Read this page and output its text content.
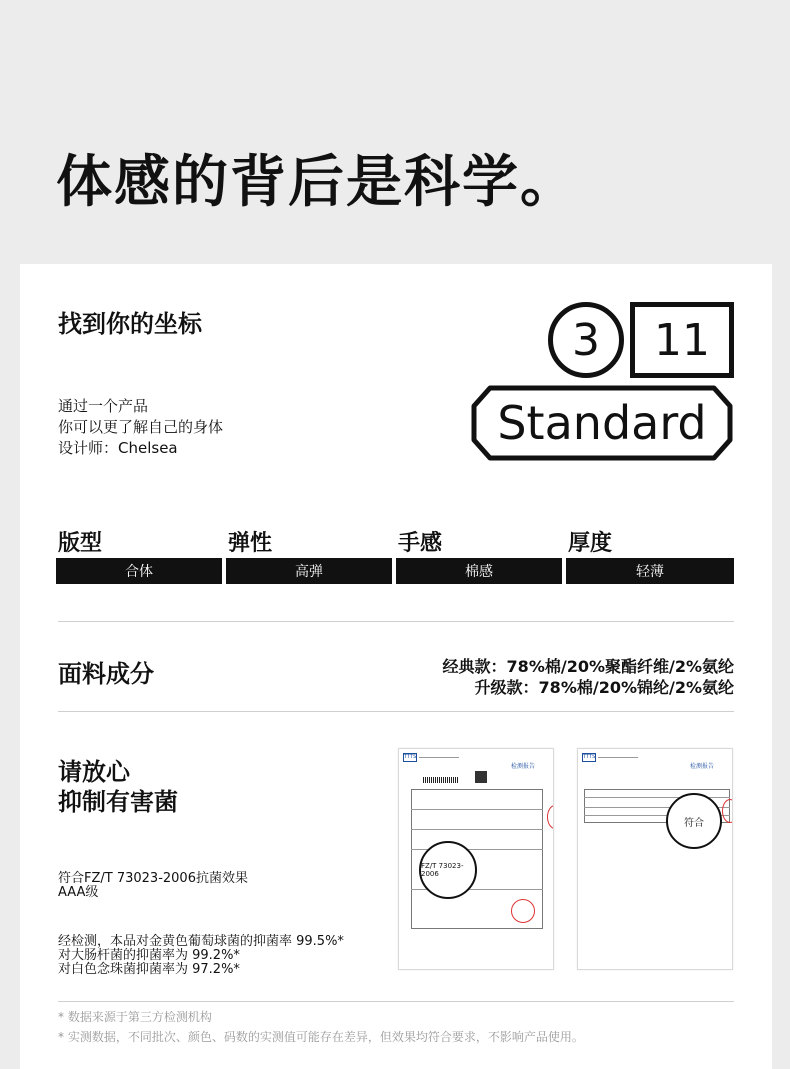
体感的背后是科学。
找到你的坐标
通过一个产品
你可以更了解自己的身体
设计师：Chelsea
3	11
Standard
版型	弹性	手感	厚度
合体	高弹	棉感	轻薄
面料成分	经典款：78%棉/20%聚酯纤维/2%氨纶
升级款：78%棉/20%锦纶/2%氨纶
请放心
抑制有害菌
符合FZ/T 73023-2006抗菌效果
AAA级
经检测，本品对金黄色葡萄球菌的抑菌率 99.5%*
对大肠杆菌的抑菌率为 99.2%*
对白色念珠菌抑菌率为 97.2%*
TTTS
检测报告
FZ/T 73023-2006
TTTS
检测报告
符合
* 数据来源于第三方检测机构
* 实测数据，不同批次、颜色、码数的实测值可能存在差异，但效果均符合要求，不影响产品使用。
